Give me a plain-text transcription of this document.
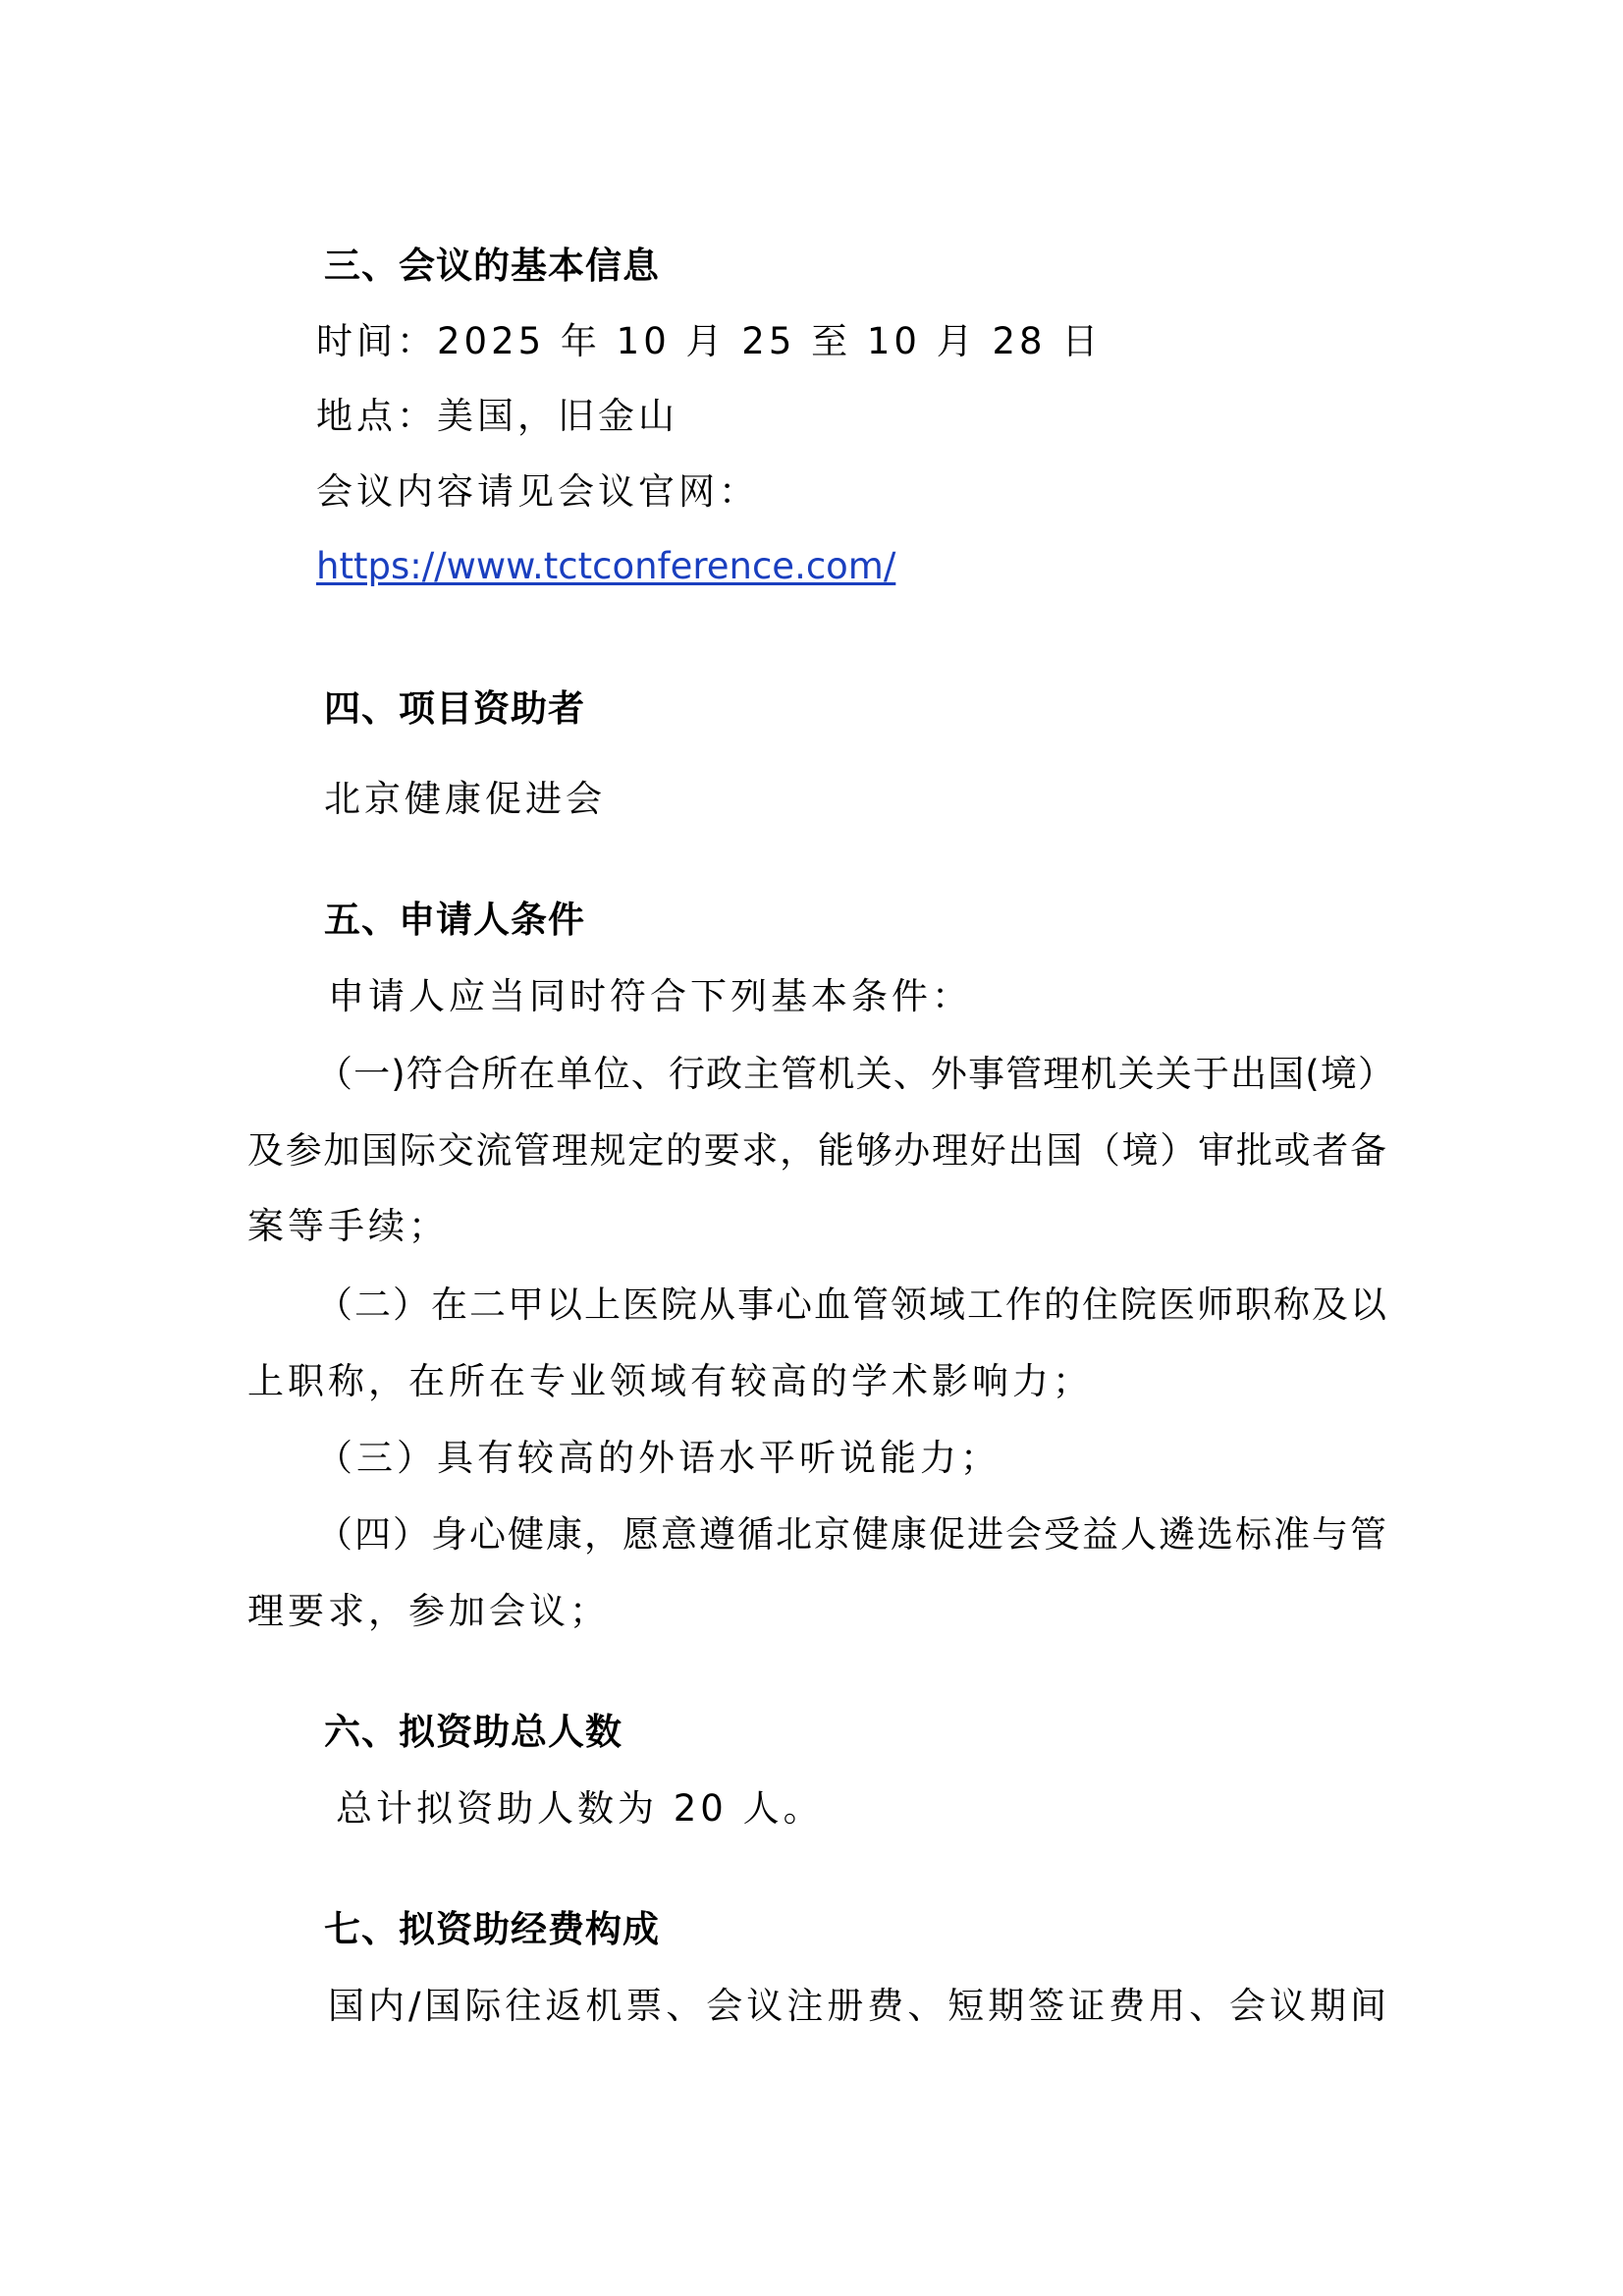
三、会议的基本信息
时间：2025 年 10 月 25 至 10 月 28 日
地点：美国，旧金山
会议内容请见会议官网：
https://www.tctconference.com/
四、项目资助者
北京健康促进会
五、申请人条件
申请人应当同时符合下列基本条件：
（一)符合所在单位、行政主管机关、外事管理机关关于出国(境）
及参加国际交流管理规定的要求，能够办理好出国（境）审批或者备
案等手续；
（二）在二甲以上医院从事心血管领域工作的住院医师职称及以
上职称，在所在专业领域有较高的学术影响力；
（三）具有较高的外语水平听说能力；
（四）身心健康，愿意遵循北京健康促进会受益人遴选标准与管
理要求，参加会议；
六、拟资助总人数
总计拟资助人数为 20 人。
七、拟资助经费构成
国内/国际往返机票、会议注册费、短期签证费用、会议期间
